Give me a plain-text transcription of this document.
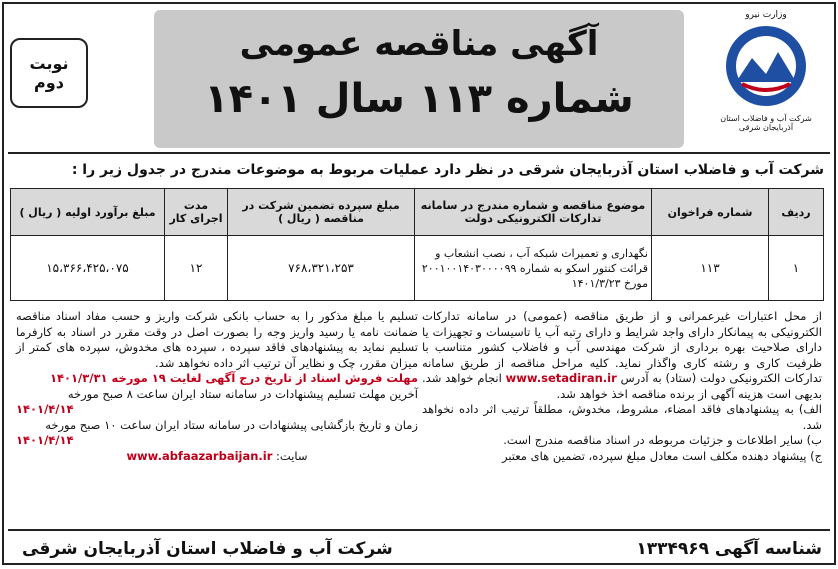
وزارت نیرو
شرکت آب و فاضلاب استان آذربایجان شرقی
آگهی مناقصه عمومی
شماره ۱۱۳ سال ۱۴۰۱
نوبت
دوم
شرکت آب و فاضلاب استان آذربایجان شرقی در نظر دارد عملیات مربوط به موضوعات مندرج در جدول زیر را :
ردیف	شماره فراخوان	موضوع مناقصه و شماره مندرج در سامانه تدارکات الکترونیکی دولت	مبلغ سپرده تضمین شرکت در مناقصه ( ریال )	مدت اجرای کار	مبلغ برآورد اولیه ( ریال )
۱	۱۱۳	نگهداری و تعمیرات شبکه آب ، نصب انشعاب و قرائت کنتور اسکو به شماره ۲۰۰۱۰۰۱۴۰۳۰۰۰۰۹۹ مورخ ۱۴۰۱/۳/۲۳	۷۶۸،۳۲۱،۲۵۳	۱۲	۱۵،۳۶۶،۴۲۵،۰۷۵

از محل اعتبارات غیرعمرانی و از طریق مناقصه (عمومی) در سامانه تدارکات الکترونیکی به پیمانکار دارای واجد شرایط و دارای رتبه آب یا تاسیسات و تجهیزات یا دارای صلاحیت بهره برداری از شرکت مهندسی آب و فاضلاب کشور متناسب با ظرفیت کاری و رشته کاری واگذار نماید. کلیه مراحل مناقصه از طریق سامانه تدارکات الکترونیکی دولت (ستاد) به آدرس www.setadiran.ir انجام خواهد شد. بدیهی است هزینه آگهی از برنده مناقصه اخذ خواهد شد.

الف) به پیشنهادهای فاقد امضاء، مشروط، مخدوش، مطلقاً ترتیب اثر داده نخواهد شد.

ب) سایر اطلاعات و جزئیات مربوطه در اسناد مناقصه مندرج است.

ج) پیشنهاد دهنده مکلف است معادل مبلغ سپرده، تضمین های معتبر

تسلیم یا مبلغ مذکور را به حساب بانکی شرکت واریز و حسب مفاد اسناد مناقصه ضمانت نامه یا رسید واریز وجه را بصورت اصل در وقت مقرر در اسناد به کارفرما تسلیم نماید به پیشنهادهای فاقد سپرده ، سپرده های مخدوش، سپرده های کمتر از میزان مقرر، چک و نظایر آن ترتیب اثر داده نخواهد شد.

مهلت فروش اسناد از تاریخ درج آگهی لغایت ۱۹ مورخه ۱۴۰۱/۳/۳۱

آخرین مهلت تسلیم پیشنهادات در سامانه ستاد ایران ساعت ۸ صبح مورخه

۱۴۰۱/۴/۱۴

زمان و تاریخ بازگشایی پیشنهادات در سامانه ستاد ایران ساعت ۱۰ صبح مورخه

۱۴۰۱/۴/۱۴

سایت: www.abfaazarbaijan.ir

شناسه آگهی ۱۳۳۴۹۶۹
شرکت آب و فاضلاب استان آذربایجان شرقی
